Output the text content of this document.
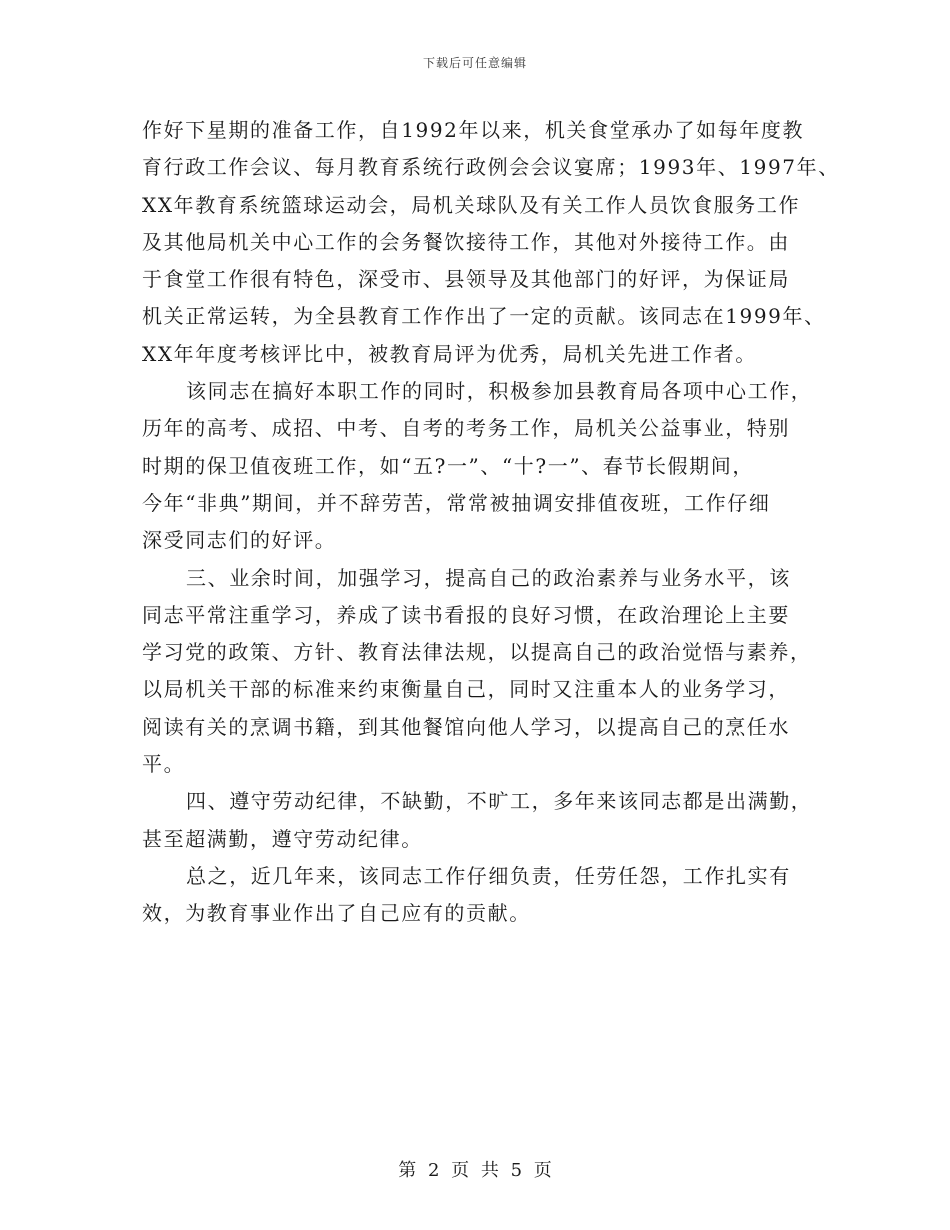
下载后可任意编辑
作好下星期的准备工作，自1992年以来，机关食堂承办了如每年度教
育行政工作会议、每月教育系统行政例会会议宴席；1993年、1997年、
XX年教育系统篮球运动会，局机关球队及有关工作人员饮食服务工作
及其他局机关中心工作的会务餐饮接待工作，其他对外接待工作。由
于食堂工作很有特色，深受市、县领导及其他部门的好评，为保证局
机关正常运转，为全县教育工作作出了一定的贡献。该同志在1999年、
XX年年度考核评比中，被教育局评为优秀，局机关先进工作者。
该同志在搞好本职工作的同时，积极参加县教育局各项中心工作，
历年的高考、成招、中考、自考的考务工作，局机关公益事业，特别
时期的保卫值夜班工作，如“五?一”、“十?一”、春节长假期间，
今年“非典”期间，并不辞劳苦，常常被抽调安排值夜班，工作仔细
深受同志们的好评。
三、业余时间，加强学习，提高自己的政治素养与业务水平，该
同志平常注重学习，养成了读书看报的良好习惯，在政治理论上主要
学习党的政策、方针、教育法律法规，以提高自己的政治觉悟与素养，
以局机关干部的标准来约束衡量自己，同时又注重本人的业务学习，
阅读有关的烹调书籍，到其他餐馆向他人学习，以提高自己的烹任水
平。
四、遵守劳动纪律，不缺勤，不旷工，多年来该同志都是出满勤，
甚至超满勤，遵守劳动纪律。
总之，近几年来，该同志工作仔细负责，任劳任怨，工作扎实有
效，为教育事业作出了自己应有的贡献。
第 2 页 共 5 页
